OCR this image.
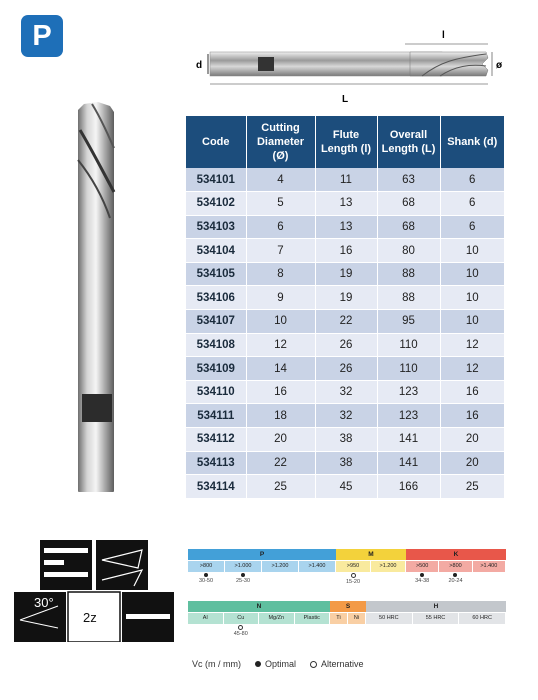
P
d
l
ø
L
Code	Cutting Diameter (Ø)	Flute Length (l)	Overall Length (L)	Shank (d)
534101	4	11	63	6
534102	5	13	68	6
534103	6	13	68	6
534104	7	16	80	10
534105	8	19	88	10
534106	9	19	88	10
534107	10	22	95	10
534108	12	26	110	12
534109	14	26	110	12
534110	16	32	123	16
534111	18	32	123	16
534112	20	38	141	20
534113	22	38	141	20
534114	25	45	166	25
30°
2z
P
>800
30-50
>1.000
25-30
>1.200	>1.400
M
>950
15-20
>1.200
K
>500
34-38
>800
20-24
>1.400
N
Al	Cu
45-80
Mg/Zn	Plastic
S
Ti	Ni
H
50 HRC	55 HRC	60 HRC
Vc (m / mm)	Optimal	Alternative
